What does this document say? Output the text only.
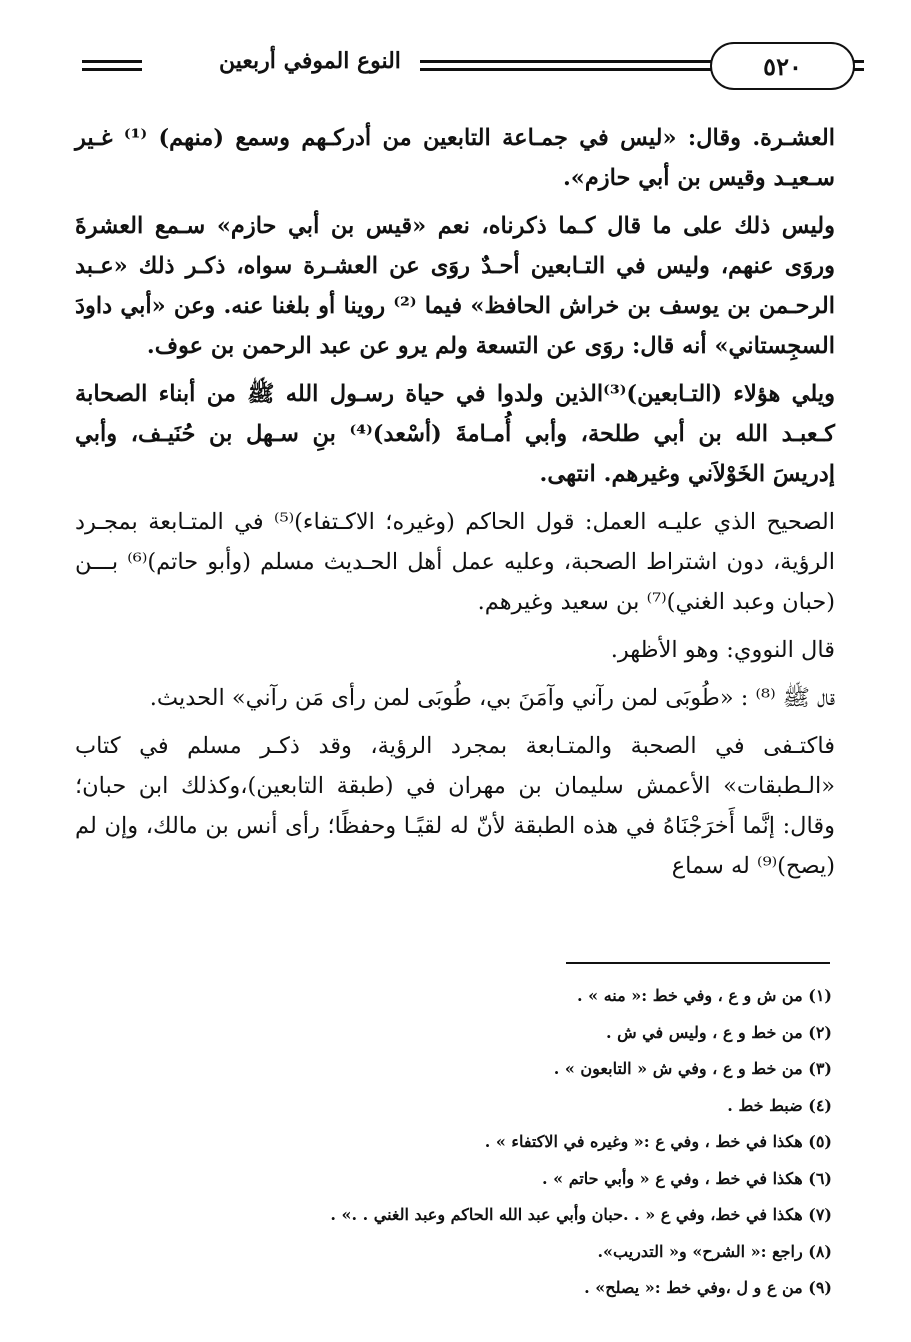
النوع الموفي أربعين	٥٢٠

العشـرة. وقال: «ليس في جمـاعة التابعين من أدركـهم وسمع (منهم) ⁽¹⁾ غـير سـعيـد وقيس بن أبي حازم».

وليس ذلك على ما قال كـما ذكرناه، نعم «قيس بن أبي حازم» سـمع العشرةَ وروَى عنهم، وليس في التـابعين أحـدٌ روَى عن العشـرة سواه، ذكـر ذلك «عـبد الرحـمن بن يوسف بن خراش الحافظ» فيما ⁽²⁾ روينا أو بلغنا عنه. وعن «أبي داودَ السجِستاني» أنه قال: روَى عن التسعة ولم يرو عن عبد الرحمن بن عوف.

ويلي هؤلاء (التـابعين)⁽³⁾الذين ولدوا في حياة رسـول الله ﷺ من أبناء الصحابة كـعبـد الله بن أبي طلحة، وأبي أُمـامةَ (أسْعد)⁽⁴⁾ بنِ سـهل بن حُنَيـف، وأبي إدريسَ الخَوْلاَني وغيرهم. انتهى.

الصحيح الذي عليـه العمل: قول الحاكم (وغيره؛ الاكـتفاء)⁽⁵⁾ في المتـابعة بمجـرد الرؤية، دون اشتراط الصحبة، وعليه عمل أهل الحـديث مسلم (وأبو حاتم)⁽⁶⁾ بـــن (حبان وعبد الغني)⁽⁷⁾ بن سعيد وغيرهم.

قال النووي: وهو الأظهر.

قال ﷺ ⁽⁸⁾ : «طُوبَى لمن رآني وآمَنَ بي، طُوبَى لمن رأى مَن رآني» الحديث.

فاكتـفى في الصحبة والمتـابعة بمجرد الرؤية، وقد ذكـر مسلم في كتاب «الـطبقات» الأعمش سليمان بن مهران في (طبقة التابعين)،وكذلك ابن حبان؛ وقال: إنَّما أَخرَجْنَاهُ في هذه الطبقة لأنّ له لقيًـا وحفظًا؛ رأى أنس بن مالك، وإن لم (يصح)⁽⁹⁾ له سماع

(١) من ش و ع ، وفي خط :« منه » .
(٢) من خط و ع ، وليس في ش .
(٣) من خط و ع ، وفي ش « التابعون » .
(٤) ضبط خط .
(٥) هكذا في خط ، وفي ع :« وغيره في الاكتفاء » .
(٦) هكذا في خط ، وفي ع « وأبي حاتم » .
(٧) هكذا في خط، وفي ع « . .حبان وأبي عبد الله الحاكم وعبد الغني . .» .
(٨) راجع :« الشرح» و« التدريب».
(٩) من ع و ل ،وفي خط :« يصلح» .
